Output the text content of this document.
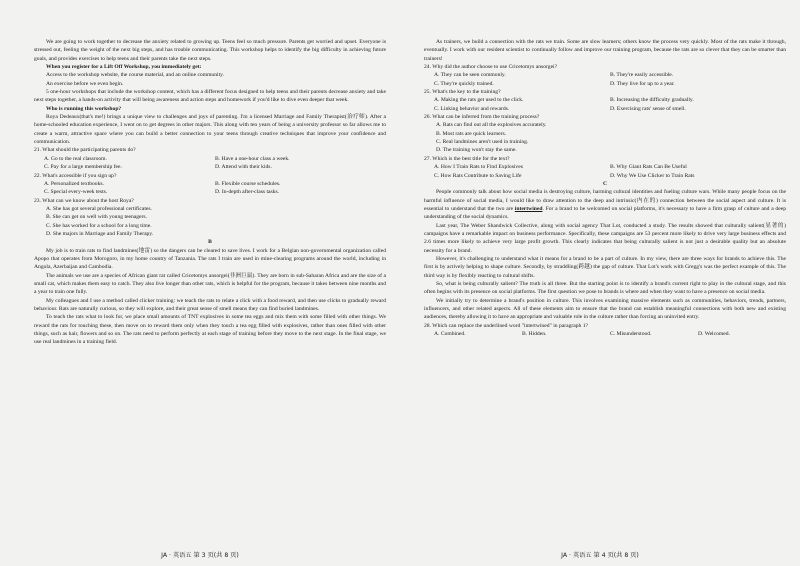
We are going to work together to decrease the anxiety related to growing up. Teens feel so much pressure. Parents get worried and upset. Everyone is stressed out, feeling the weight of the next big steps, and has trouble communicating. This workshop helps to identify the big difficulty in achieving future goals, and provides exercises to help teens and their parents take the next steps.

When you register for a Lift Off Workshop, you immediately get:

Access to the workshop website, the course material, and an online community.

An exercise before we even begin.

5 one-hour workshops that include the workshop content, which has a different focus designed to help teens and their parents decrease anxiety and take next steps together, a hands-on activity that will being awareness and action steps and homework if you'd like to dive even deeper that week.

Who is running this workshop?

Roya Dedeaux(that's me!) brings a unique view to challenges and joys of parenting. I'm a licensed Marriage and Family Therapist(治疗师). After a home-schooled education experience, I went on to get degrees in other majors. This along with ten years of being a university professor so far allows me to create a warm, attractive space where you can build a better connection to your teens through creative techniques that improve your confidence and communication.

21. What should the participating parents do?

A. Go to the real classroom.	B. Have a one-hour class a week.
C. Pay for a large membership fee.	D. Attend with their kids.

22. What's accessible if you sign up?

A. Personalized textbooks.	B. Flexible course schedules.
C. Special every-week tests.	D. In-depth after-class tasks.

23. What can we know about the host Roya?

A. She has got several professional certificates.

B. She can get on well with young teenagers.

C. She has worked for a school for a long time.

D. She majors in Marriage and Family Therapy.

B

My job is to train rats to find landmines(地雷) so the dangers can be cleared to save lives. I work for a Belgian non-governmental organization called Apopo that operates from Morogoro, in my home country of Tanzania. The rats I train are used in mine-clearing programs around the world, including in Angola, Azerbaijan and Cambodia.

The animals we use are a species of African giant rat called Cricetomys ansorgei(非洲巨鼠). They are born in sub-Saharan Africa and are the size of a small cat, which makes them easy to catch. They also live longer than other rats, which is helpful for the program, because it takes between nine months and a year to train one fully.

My colleagues and I use a method called clicker training: we teach the rats to relate a click with a food reward, and then use clicks to gradually reward behaviour. Rats are naturally curious, so they will explore, and their great sense of smell means they can find buried landmines.

To teach the rats what to look for, we place small amounts of TNT explosives in some tea eggs and mix them with some filled with other things. We reward the rats for touching these, then move on to reward them only when they touch a tea egg filled with explosives, rather than ones filled with other things, such as hair, flowers and so on. The rats need to perform perfectly at each stage of training before they move to the next stage. In the final stage, we use real landmines in a training field.

JA · 英语五 第 3 页(共 8 页)

As trainers, we build a connection with the rats we train. Some are slow learners; others know the process very quickly. Most of the rats make it through, eventually. I work with our resident scientist to continually follow and improve our training program, because the rats are so clever that they can be smarter than trainers!

24. Why did the author choose to use Cricetomys ansorgei?

A. They can be seen commonly.	B. They're easily accessible.
C. They're quickly trained.	D. They live for up to a year.

25. What's the key to the training?

A. Making the rats get used to the click.	B. Increasing the difficulty gradually.
C. Linking behavior and rewards.	D. Exercising rats' sense of smell.

26. What can be inferred from the training process?

A. Rats can find out all the explosives accurately.

B. Most rats are quick learners.

C. Real landmines aren't used in training.

D. The training won't stay the same.

27. Which is the best title for the text?

A. How I Train Rats to Find Explosives	B. Why Giant Rats Can Be Useful
C. How Rats Contribute to Saving Life	D. Why We Use Clicker to Train Rats

C

People commonly talk about how social media is destroying culture, harming cultural identities and fueling culture wars. While many people focus on the harmful influence of social media, I would like to draw attention to the deep and intrinsic(内在的) connection between the social aspect and culture. It is essential to understand that the two are intertwined. For a brand to be welcomed on social platforms, it's necessary to have a firm grasp of culture and a deep understanding of the social dynamics.

Last year, The Weber Shandwick Collective, along with social agency That Lot, conducted a study. The results showed that culturally salient(显著的) campaigns have a remarkable impact on business performance. Specifically, these campaigns are 53 percent more likely to drive very large business effects and 2.6 times more likely to achieve very large profit growth. This clearly indicates that being culturally salient is not just a desirable quality but an absolute necessity for a brand.

However, it's challenging to understand what it means for a brand to be a part of culture. In my view, there are three ways for brands to achieve this. The first is by actively helping to shape culture. Secondly, by straddling(跨越) the gap of culture. That Lot's work with Gregg's was the perfect example of this. The third way is by flexibly reacting to cultural shifts.

So, what is being culturally salient? The truth is all three. But the starting point is to identify a brand's current right to play in the cultural stage, and this often begins with its presence on social platforms. The first question we pose to brands is where and when they want to have a presence on social media.

We initially try to determine a brand's position in culture. This involves examining massive elements such as communities, behaviors, trends, partners, influencers, and other related aspects. All of these elements aim to ensure that the brand can establish meaningful connections with both new and existing audiences, thereby allowing it to have an appropriate and valuable role in the culture rather than forcing an uninvited entry.

28. Which can replace the underlined word "intertwined" in paragraph 1?

A. Combined.	B. Hidden.	C. Misunderstood.	D. Welcomed.
JA · 英语五 第 4 页(共 8 页)
